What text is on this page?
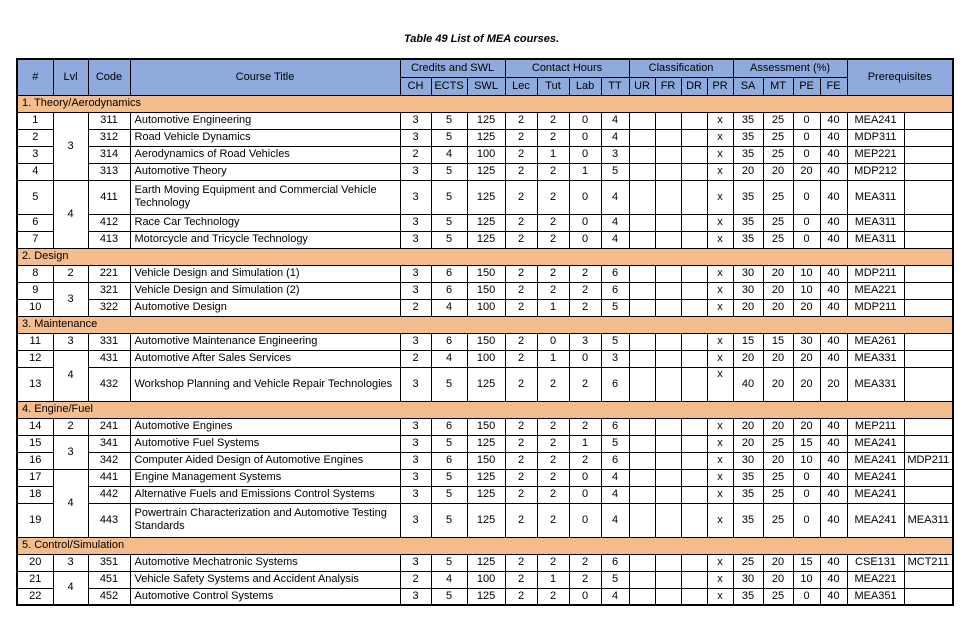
Table 49 List of MEA courses.
#	Lvl	Code	Course Title	Credits and SWL			Contact Hours				Classification				Assessment (%)				Prerequisites	
				CH	ECTS	SWL	Lec	Tut	Lab	TT	UR	FR	DR	PR	SA	MT	PE	FE		
1. Theory/Aerodynamics																				
1	3	311	Automotive Engineering	3	5	125	2	2	0	4				x	35	25	0	40	MEA241	
2		312	Road Vehicle Dynamics	3	5	125	2	2	0	4				x	35	25	0	40	MDP311	
3		314	Aerodynamics of Road Vehicles	2	4	100	2	1	0	3				x	35	25	0	40	MEP221	
4		313	Automotive Theory	3	5	125	2	2	1	5				x	20	20	20	40	MDP212	
5	4	411	Earth Moving Equipment and Commercial Vehicle Technology	3	5	125	2	2	0	4				x	35	25	0	40	MEA311	
6		412	Race Car Technology	3	5	125	2	2	0	4				x	35	25	0	40	MEA311	
7		413	Motorcycle and Tricycle Technology	3	5	125	2	2	0	4				x	35	25	0	40	MEA311	
2. Design																				
8	2	221	Vehicle Design and Simulation (1)	3	6	150	2	2	2	6				x	30	20	10	40	MDP211	
9	3	321	Vehicle Design and Simulation (2)	3	6	150	2	2	2	6				x	30	20	10	40	MEA221	
10		322	Automotive Design	2	4	100	2	1	2	5				x	20	20	20	40	MDP211	
3. Maintenance																				
11	3	331	Automotive Maintenance Engineering	3	6	150	2	0	3	5				x	15	15	30	40	MEA261	
12	4	431	Automotive After Sales Services	2	4	100	2	1	0	3				x	20	20	20	40	MEA331	
13		432	Workshop Planning and Vehicle Repair Technologies	3	5	125	2	2	2	6				x	40	20	20	20	MEA331	
4. Engine/Fuel																				
14	2	241	Automotive Engines	3	6	150	2	2	2	6				x	20	20	20	40	MEP211	
15	3	341	Automotive Fuel Systems	3	5	125	2	2	1	5				x	20	25	15	40	MEA241	
16		342	Computer Aided Design of Automotive Engines	3	6	150	2	2	2	6				x	30	20	10	40	MEA241	MDP211
17	4	441	Engine Management Systems	3	5	125	2	2	0	4				x	35	25	0	40	MEA241	
18		442	Alternative Fuels and Emissions Control Systems	3	5	125	2	2	0	4				x	35	25	0	40	MEA241	
19		443	Powertrain Characterization and Automotive Testing Standards	3	5	125	2	2	0	4				x	35	25	0	40	MEA241	MEA311
5. Control/Simulation																				
20	3	351	Automotive Mechatronic Systems	3	5	125	2	2	2	6				x	25	20	15	40	CSE131	MCT211
21	4	451	Vehicle Safety Systems and Accident Analysis	2	4	100	2	1	2	5				x	30	20	10	40	MEA221	
22		452	Automotive Control Systems	3	5	125	2	2	0	4				x	35	25	0	40	MEA351	
